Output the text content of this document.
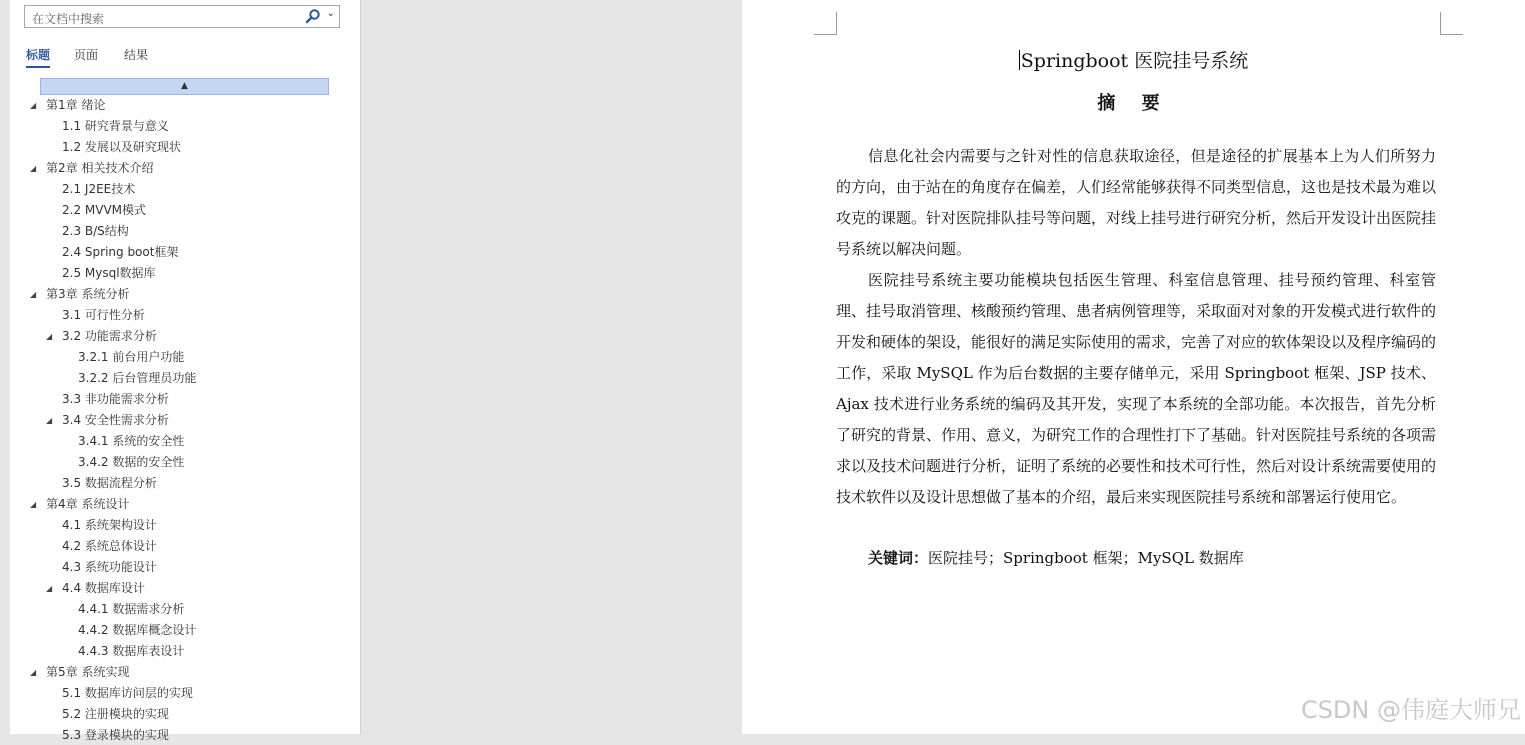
在文档中搜索	⌄
标题 页面 结果
▲
◢ 第1章 绪论
1.1 研究背景与意义
1.2 发展以及研究现状
◢ 第2章 相关技术介绍
2.1 J2EE技术
2.2 MVVM模式
2.3 B/S结构
2.4 Spring boot框架
2.5 Mysql数据库
◢ 第3章 系统分析
3.1 可行性分析
◢ 3.2 功能需求分析
3.2.1 前台用户功能
3.2.2 后台管理员功能
3.3 非功能需求分析
◢ 3.4 安全性需求分析
3.4.1 系统的安全性
3.4.2 数据的安全性
3.5 数据流程分析
◢ 第4章 系统设计
4.1 系统架构设计
4.2 系统总体设计
4.3 系统功能设计
◢ 4.4 数据库设计
4.4.1 数据需求分析
4.4.2 数据库概念设计
4.4.3 数据库表设计
◢ 第5章 系统实现
5.1 数据库访问层的实现
5.2 注册模块的实现
5.3 登录模块的实现
Springboot 医院挂号系统
摘 要
信息化社会内需要与之针对性的信息获取途径，但是途径的扩展基本上为人们所努力的方向，由于站在的角度存在偏差，人们经常能够获得不同类型信息，这也是技术最为难以攻克的课题。针对医院排队挂号等问题，对线上挂号进行研究分析，然后开发设计出医院挂号系统以解决问题。
医院挂号系统主要功能模块包括医生管理、科室信息管理、挂号预约管理、科室管理、挂号取消管理、核酸预约管理、患者病例管理等，采取面对对象的开发模式进行软件的开发和硬体的架设，能很好的满足实际使用的需求，完善了对应的软体架设以及程序编码的工作，采取 MySQL 作为后台数据的主要存储单元，采用 Springboot 框架、JSP 技术、Ajax 技术进行业务系统的编码及其开发，实现了本系统的全部功能。本次报告，首先分析了研究的背景、作用、意义，为研究工作的合理性打下了基础。针对医院挂号系统的各项需求以及技术问题进行分析，证明了系统的必要性和技术可行性，然后对设计系统需要使用的技术软件以及设计思想做了基本的介绍，最后来实现医院挂号系统和部署运行使用它。
关键词：医院挂号；Springboot 框架；MySQL 数据库
CSDN @伟庭大师兄
